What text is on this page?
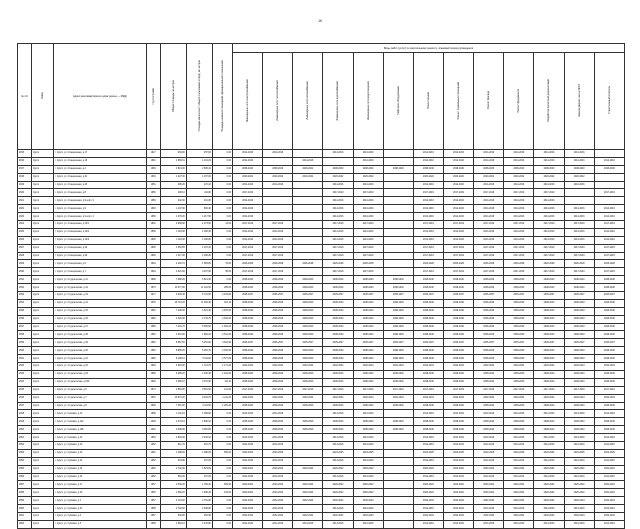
16
№ п/п	Район	Адрес многоквартирного дома (далее — МКД)	Год постройки	Общая площадь, кв.метров	Площадь жилых мест общего пользования в МКД, кв. метров	Площадь нежилых помещений, функционального назначения	Виды работ (услуг) по капитальному ремонту, плановый период проведения												
							Инженерные сети электроснабжения	Инженерные сети теплоснабжения	Инженерные сети газоснабжения	Инженерные сети водоснабжения	Инженерные сети водоотведения	Лифтовое оборудование	Ремонт крыши	Ремонт подвальных помещений	Ремонт фасада	Ремонт фундамента	Разработка проектной документации	Замена дверей, окон в МОП	Строительный контроль
2815	Курск	г. Курск, ул. Станционная, д.17	1917	284,00	257,00	0,00	2014-2016	2014-2016		2014-2016	2014-2016		2014-2016	2014-2016	2014-2016	2014-2016	2014-2016	2014-2016	
2816	Курск	г. Курск, ул. Станционная, д.18	1961	1 680,61	1 101,29	0,00	2014-2016		2014-2016		2014-2016		2014-2016	2014-2016	2014-2016	2014-2016	2014-2016	2014-2016	2014-2016
2817	Курск	г. Курск, ул. Станционная, д.2	1969	3 813,90	2 635,10	0,00	2038-2040	2038-2040	2020-2022	2038-2040	2038-2040	2038-2040	2038-2040	2038-2040	2038-2040	2038-2040	2038-2040	2038-2040	2038-2040
2818	Курск	г. Курск, ул. Станционная, д.31	1963	1 227,00	1 197,00	0,00	2020-2022	2020-2022	2020-2022	2020-2022	2020-2022		2020-2022	2020-2022	2020-2022	2020-2022	2020-2022	2020-2022	
2819	Курск	г. Курск, ул. Станционная, д.40	1951	395,20	272,10	0,00	2014-2016	2014-2016		2014-2016	2014-2016		2014-2016	2014-2016	2014-2016	2014-2016	2014-2016	2014-2016	
2820	Курск	г. Курск, ул. Станционная, д.8	1956	438,10	411,00	0,00	2017-2019			2017-2019	2017-2019		2017-2019	2017-2019	2017-2019	2017-2019	2017-2019		2017-2019
2821	Курск	г. Курск, ул. Станционная, д.9 корп. 3	1959	442,00	401,00	0,00	2014-2016			2014-2016	2014-2016		2014-2016	2014-2016	2014-2016	2014-2016	2014-2016		
2822	Курск	г. Курск, ул. Станционная, д.9	1963	1 107,90	836,40	0,00	2014-2016			2014-2016	2014-2016		2014-2016	2014-2016	2014-2016	2014-2016	2014-2016	2014-2016	2014-2016
2823	Курск	г. Курск, ул. Станционная, д.9 корп. 4	1959	1 378,20	1 217,50	0,00	2014-2016			2014-2016	2014-2016		2014-2016	2014-2016	2014-2016	2014-2016	2014-2016	2014-2016	2014-2016
2824	Курск	г. Курск, ул. Станционная, д.13/1	1961	2 068,90	1 273,60	12,60	2017-2019	2017-2019		2017-2019	2017-2019		2017-2019	2017-2019	2017-2019	2017-2019	2017-2019	2017-2019	2017-2019
2825	Курск	г. Курск, ул. Станционная, д.13/2	1959	1 118,90	1 066,40	0,00	2014-2016	2014-2016		2014-2016	2014-2016		2014-2016	2014-2016	2014-2016	2014-2016	2014-2016	2014-2016	2014-2016
2826	Курск	г. Курск, ул. Станционная, д.13/3	1962	1 118,00	1 108,80	0,00	2014-2016	2014-2016		2014-2016	2014-2016		2014-2016	2014-2016	2014-2016	2014-2016	2014-2016	2014-2016	2014-2016
2827	Курск	г. Курск, ул. Станционная, д.20	1962	1 053,50	1 276,10	0,00	2017-2019	2017-2019		2017-2019	2017-2019		2017-2019	2017-2019	2017-2019	2017-2019	2017-2019	2017-2019	2017-2019
2828	Курск	г. Курск, ул. Станционная, д.30	1960	1 217,00	1 036,20	0,00	2017-2019	2017-2019		2017-2019	2017-2019		2017-2019	2017-2019	2017-2019	2017-2019	2017-2019	2017-2019	2017-2019
2829	Курск	г. Курск, ул. Станционная, д.5	1964	2 246,70	1 583,80	78,60	2026-2028	2026-2028	2026-2028	2026-2028	2026-2028		2026-2028	2026-2028	2026-2028	2026-2028	2026-2028	2026-2028	2026-2028
2830	Курск	г. Курск, ул. Станционная, д.7	1964	3 621,50	3 467,90	58,00	2017-2019	2017-2019		2017-2019	2017-2019		2017-2019	2017-2019	2017-2019	2017-2019	2017-2019	2017-2019	2017-2019
2831	Курск	г. Курск, ул. Студенческая, д.11	1980	7 968,20	5 621,30	0,00	2038-2040	2038-2040	2038-2040	2038-2040	2038-2040	2038-2040	2038-2040	2038-2040	2038-2040	2038-2040	2038-2040	2038-2040	2038-2040
2832	Курск	г. Курск, ул. Студенческая, д.12	1979	12 077,00	11 164,50	285,00	2038-2040	2038-2040	2038-2040	2038-2040	2038-2040	2038-2040	2038-2040	2038-2040	2038-2040	2038-2040	2038-2040	2038-2040	2038-2040
2833	Курск	г. Курск, ул. Студенческая, д.13	1977	9 205,40	6 731,60	2 913,80	2035-2037	2035-2037	2035-2037	2035-2037	2035-2037	2035-2037	2035-2037	2035-2037	2035-2037	2035-2037	2035-2037	2035-2037	2035-2037
2834	Курск	г. Курск, ул. Студенческая, д.14	1978	18 716,20	11 366,40	391,10	2038-2040	2038-2040	2038-2040	2038-2040	2038-2040	2038-2040	2038-2040	2038-2040	2038-2040	2038-2040	2038-2040	2038-2040	2038-2040
2835	Курск	г. Курск, ул. Студенческая, д.15	1981	7 228,00	4 521,40	2 876,30	2038-2040	2038-2040	2038-2040	2038-2040	2038-2040	2038-2040	2038-2040	2038-2040	2038-2040	2038-2040	2038-2040	2038-2040	2038-2040
2836	Курск	г. Курск, ул. Студенческая, д.16	1982	4 420,90	2 743,70	2 616,20	2038-2040	2038-2040	2038-2040	2038-2040	2038-2040	2038-2040	2038-2040	2038-2040	2038-2040	2038-2040	2038-2040	2038-2040	2038-2040
2837	Курск	г. Курск, ул. Студенческая, д.17	1980	7 231,70	5 656,50	1 681,20	2038-2040	2038-2040	2038-2040	2038-2040	2038-2040	2038-2040	2038-2040	2038-2040	2038-2040	2038-2040	2038-2040	2038-2040	2038-2040
2838	Курск	г. Курск, ул. Студенческая, д.18	1981	3 210,50	1 860,10	2 514,20	2038-2040	2038-2040	2038-2040	2038-2040	2038-2040	2038-2040	2038-2040	2038-2040	2038-2040	2038-2040	2038-2040	2038-2040	2038-2040
2839	Курск	г. Курск, ул. Студенческая, д.19	1981	8 857,50	5 251,00	3 524,90	2035-2037	2035-2037	2035-2037	2035-2037	2035-2037	2035-2037	2035-2037	2035-2037	2035-2037	2035-2037	2035-2037	2035-2037	2035-2037
2840	Курск	г. Курск, ул. Студенческая, д.20	1981	8 858,20	5 252,70	2 931,60	2038-2040	2038-2040	2038-2040	2038-2040	2038-2040	2038-2040	2038-2040	2038-2040	2038-2040	2038-2040	2038-2040	2038-2040	2038-2040
2841	Курск	г. Курск, ул. Студенческая, д.21	1982	8 198,10	5 311,60	2 577,00	2038-2040	2038-2040	2038-2040	2038-2040	2038-2040	2038-2040	2038-2040	2038-2040	2038-2040	2038-2040	2038-2040	2038-2040	2038-2040
2842	Курск	г. Курск, ул. Студенческая, д.22	1984	2 993,90	1 710,70	1 171,20	2032-2034	2032-2034	2032-2034	2032-2034	2032-2034	2032-2034	2032-2034	2032-2034	2032-2034	2032-2034	2032-2034	2032-2034	2032-2034
2843	Курск	г. Курск, ул. Студенческая, д.23	1985	6 285,20	1 465,30	1 941,60	2038-2040	2038-2040	2038-2040	2038-2040	2038-2040	2038-2040	2038-2040	2038-2040	2038-2040	2038-2040	2038-2040	2038-2040	2038-2040
2844	Курск	г. Курск, ул. Студенческая, д.24А	1993	3 986,10	3 374,90	111,10	2038-2040	2038-2040	2038-2040	2038-2040	2038-2040	2038-2040	2038-2040	2038-2040	2038-2040	2038-2040	2038-2040	2038-2040	2038-2040
2845	Курск	г. Курск, ул. Студенческая, д.6	1974	3 853,90	3 516,60	121,60	2017-2019	2017-2019	2017-2019	2017-2019	2017-2019	2017-2019	2017-2019	2017-2019	2017-2019	2017-2019	2017-2019	2017-2019	2017-2019
2846	Курск	г. Курск, ул. Студенческая, д.7	1976	19 671,20	9 203,70	1 211,20	2032-2034	2032-2034	2032-2034	2032-2034	2032-2034	2032-2034	2032-2034	2032-2034	2032-2034	2032-2034	2032-2034	2032-2034	2032-2034
2847	Курск	г. Курск, ул. Студенческая, д.8	1996	7 391,60	6 111,50	1 281,30	2038-2040	2038-2040	2038-2040	2038-2040	2038-2040	2038-2040	2038-2040	2038-2040	2038-2040	2038-2040	2038-2040	2038-2040	2038-2040
2848	Курск	г. Курск, ул. Сумская, д.10	1958	1 211,10	1 099,90	0,00	2014-2016	2014-2016		2014-2016	2014-2016		2014-2016	2014-2016	2014-2016	2014-2016	2014-2016	2014-2016	2014-2016
2849	Курск	г. Курск, ул. Сумская, д.11А	2000	2 470,10	1 860,10	0,00	2038-2040	2038-2040	2038-2040	2038-2040	2038-2040	2038-2040	2038-2040	2038-2040	2038-2040	2038-2040	2038-2040	2038-2040	2038-2040
2850	Курск	г. Курск, ул. Сумская, д.11Б	2001	3 396,90	3 081,80	0,00	2038-2040	2038-2040	2038-2040	2038-2040	2038-2040	2038-2040	2038-2040	2038-2040	2038-2040	2038-2040	2038-2040	2038-2040	2038-2040
2851	Курск	г. Курск, ул. Сумская, д.12	1953	2 840,00	2 440,10	0,00	2014-2016	2014-2016		2014-2016	2014-2016		2014-2016	2014-2016	2014-2016	2014-2016	2014-2016	2014-2016	2014-2016
2852	Курск	г. Курск, ул. Сумская, д.12	1952	812,70	415,70	0,00	2014-2016	2014-2016		2014-2016	2014-2016		2014-2016	2014-2016	2014-2016	2014-2016	2014-2016	2014-2016	2014-2016
2853	Курск	г. Курск, ул. Сумская, д.13	1961	1 288,60	1 098,00	565,00	2023-2025	2023-2025		2023-2025	2023-2025		2023-2025	2023-2025	2023-2025	2023-2025	2023-2025	2023-2025	2023-2025
2854	Курск	г. Курск, ул. Сумская, д.14	1952	944,80	437,00	0,00	2014-2016	2014-2016		2014-2016	2014-2016		2014-2016	2014-2016	2014-2016	2014-2016	2014-2016	2014-2016	2014-2016
2855	Курск	г. Курск, ул. Сумская, д.15	1960	2 732,00	1 823,60	0,00	2020-2022	2020-2022	2020-2022	2020-2022	2020-2022		2020-2022	2020-2022	2020-2022	2020-2022	2020-2022	2020-2022	2020-2022
2856	Курск	г. Курск, ул. Сумская, д.16	1952	864,20	437,00	0,00	2014-2016	2014-2016		2014-2016	2014-2016		2014-2016	2014-2016	2014-2016	2014-2016	2014-2016	2014-2016	2014-2016
2857	Курск	г. Курск, ул. Сумская, д.17	1957	2 546,20	1 786,10	583,90	2020-2022	2020-2022	2020-2022	2020-2022	2020-2022		2020-2022	2020-2022	2020-2022	2020-2022	2020-2022	2020-2022	2020-2022
2858	Курск	г. Курск, ул. Сумская, д.19	1955	1 986,20	1 808,40	103,00	2020-2022	2020-2022	2020-2022	2020-2022	2020-2022		2020-2022	2020-2022	2020-2022	2020-2022	2020-2022	2020-2022	2020-2022
2859	Курск	г. Курск, ул. Сумская, д.1	1957	3 123,00	2 791,60	0,00	2032-2034	2032-2034	2032-2034	2032-2034	2032-2034		2032-2034	2032-2034	2032-2034	2032-2034	2032-2034	2032-2034	2032-2034
2860	Курск	г. Курск, ул. Сумская, д.21	1958	2 703,60	2 548,60	0,00	2014-2016	2014-2016		2014-2016	2014-2016		2014-2016	2014-2016	2014-2016	2014-2016	2014-2016	2014-2016	2014-2016
2861	Курск	г. Курск, ул. Сумская, д.4	1957	502,80	452,50	0,00	2032-2034	2032-2034	2032-2034	2032-2034	2032-2034		2032-2034	2032-2034	2032-2034	2032-2034	2032-2034	2032-2034	2032-2034
2862	Курск	г. Курск, ул. Сумская, д.5	1958	1 584,10	1 476,80	0,00	2014-2016	2014-2016	2014-2016	2014-2016	2014-2016		2014-2016	2014-2016	2014-2016	2014-2016	2014-2016	2014-2016	2014-2016
